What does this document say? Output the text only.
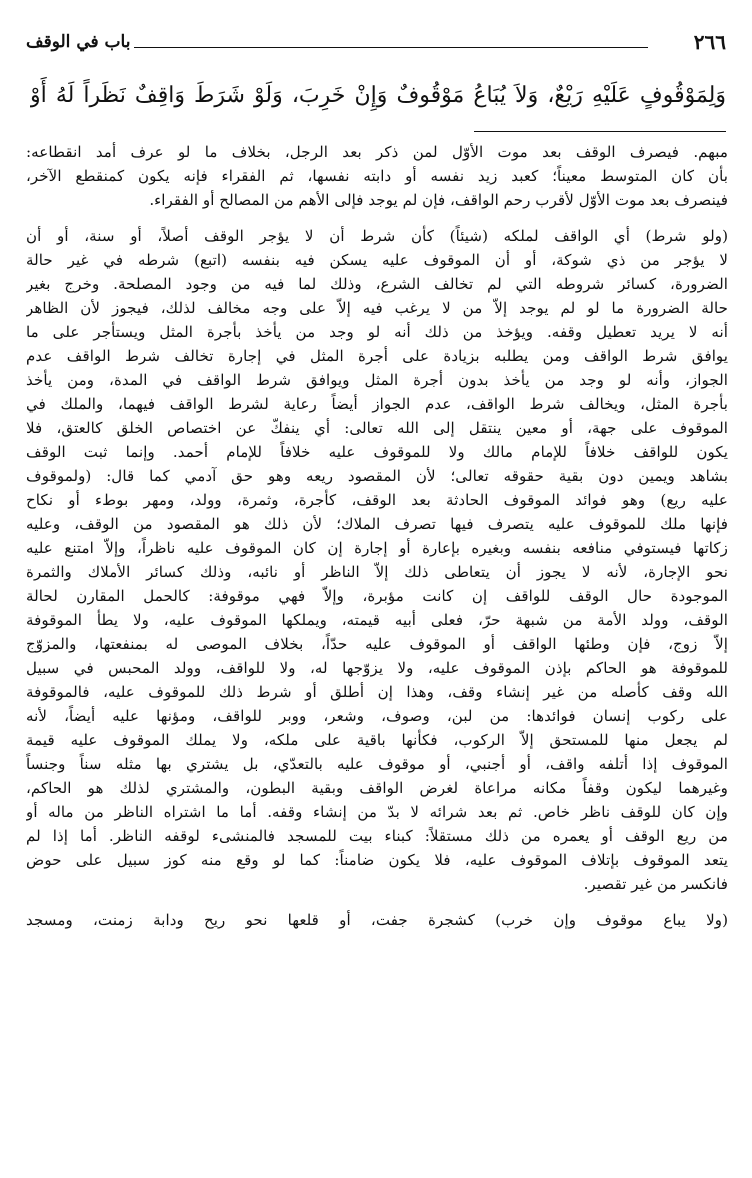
٢٦٦
باب في الوقف
وَلِمَوْقُوفٍ عَلَيْهِ رَيْعٌ، وَلاَ يُبَاعُ مَوْقُوفٌ وَإِنْ خَرِبَ، وَلَوْ شَرَطَ وَاقِفٌ نَظَراً لَهُ أَوْ
مبهم. فيصرف الوقف بعد موت الأوّل لمن ذكر بعد الرجل، بخلاف ما لو عرف أمد انقطاعه:
بأن كان المتوسط معيناً؛ كعبد زيد نفسه أو دابته نفسها، ثم الفقراء فإنه يكون كمنقطع الآخر،
فينصرف بعد موت الأوّل لأقرب رحم الواقف، فإن لم يوجد فإلى الأهم من المصالح أو الفقراء.
(ولو شرط) أي الواقف لملكه (شيئاً) كأن شرط أن لا يؤجر الوقف أصلاً، أو سنة، أو أن
لا يؤجر من ذي شوكة، أو أن الموقوف عليه يسكن فيه بنفسه (اتبع) شرطه في غير حالة
الضرورة، كسائر شروطه التي لم تخالف الشرع، وذلك لما فيه من وجود المصلحة. وخرج بغير
حالة الضرورة ما لو لم يوجد إلاّ من لا يرغب فيه إلاّ على وجه مخالف لذلك، فيجوز لأن الظاهر
أنه لا يريد تعطيل وقفه. ويؤخذ من ذلك أنه لو وجد من يأخذ بأجرة المثل ويستأجر على ما
يوافق شرط الواقف ومن يطلبه بزيادة على أجرة المثل في إجارة تخالف شرط الواقف عدم
الجواز، وأنه لو وجد من يأخذ بدون أجرة المثل ويوافق شرط الواقف في المدة، ومن يأخذ
بأجرة المثل، ويخالف شرط الواقف، عدم الجواز أيضاً رعاية لشرط الواقف فيهما، والملك في
الموقوف على جهة، أو معين ينتقل إلى الله تعالى: أي ينفكّ عن اختصاص الخلق كالعتق، فلا
يكون للواقف خلافاً للإمام مالك ولا للموقوف عليه خلافاً للإمام أحمد. وإنما ثبت الوقف
بشاهد ويمين دون بقية حقوقه تعالى؛ لأن المقصود ريعه وهو حق آدمي كما قال: (ولموقوف
عليه ريع) وهو فوائد الموقوف الحادثة بعد الوقف، كأجرة، وثمرة، وولد، ومهر بوطء أو نكاح
فإنها ملك للموقوف عليه يتصرف فيها تصرف الملاك؛ لأن ذلك هو المقصود من الوقف، وعليه
زكاتها فيستوفي منافعه بنفسه وبغيره بإعارة أو إجارة إن كان الموقوف عليه ناظراً، وإلاّ امتنع عليه
نحو الإجارة، لأنه لا يجوز أن يتعاطى ذلك إلاّ الناظر أو نائبه، وذلك كسائر الأملاك والثمرة
الموجودة حال الوقف للواقف إن كانت مؤبرة، وإلاّ فهي موقوفة: كالحمل المقارن لحالة
الوقف، وولد الأمة من شبهة حرّ، فعلى أبيه قيمته، ويملكها الموقوف عليه، ولا يطأ الموقوفة
إلاّ زوج، فإن وطئها الواقف أو الموقوف عليه حدّاً، بخلاف الموصى له بمنفعتها، والمزوّج
للموقوفة هو الحاكم بإذن الموقوف عليه، ولا يزوّجها له، ولا للواقف، وولد المحبس في سبيل
الله وقف كأصله من غير إنشاء وقف، وهذا إن أطلق أو شرط ذلك للموقوف عليه، فالموقوفة
على ركوب إنسان فوائدها: من لبن، وصوف، وشعر، ووبر للواقف، ومؤنها عليه أيضاً، لأنه
لم يجعل منها للمستحق إلاّ الركوب، فكأنها باقية على ملكه، ولا يملك الموقوف عليه قيمة
الموقوف إذا أتلفه واقف، أو أجنبي، أو موقوف عليه بالتعدّي، بل يشتري بها مثله سناً وجنساً
وغيرهما ليكون وقفاً مكانه مراعاة لغرض الواقف وبقية البطون، والمشتري لذلك هو الحاكم،
وإن كان للوقف ناظر خاص. ثم بعد شرائه لا بدّ من إنشاء وقفه. أما ما اشتراه الناظر من ماله أو
من ريع الوقف أو يعمره من ذلك مستقلاً: كبناء بيت للمسجد فالمنشىء لوقفه الناظر. أما إذا لم
يتعد الموقوف بإتلاف الموقوف عليه، فلا يكون ضامناً: كما لو وقع منه كوز سبيل على حوض
فانكسر من غير تقصير.
(ولا يباع موقوف وإن خرب) كشجرة جفت، أو قلعها نحو ريح ودابة زمنت، ومسجد
